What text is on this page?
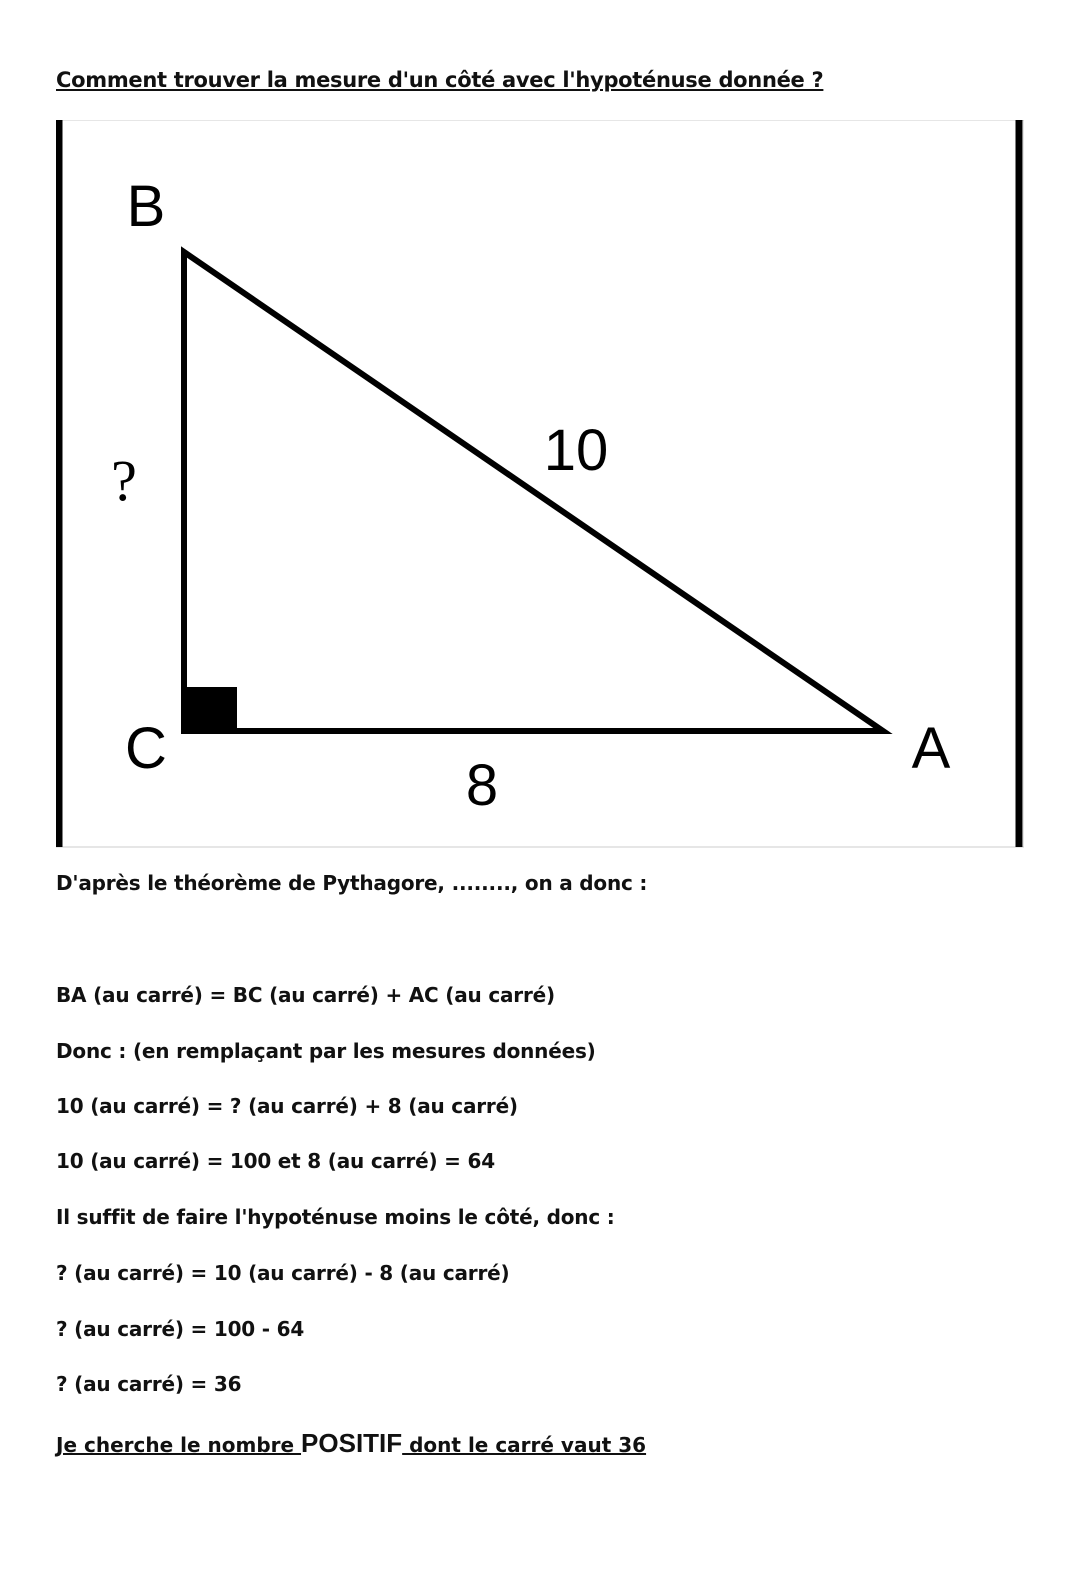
Comment trouver la mesure d'un côté avec l'hypoténuse donnée ?
B
C	A
?	10
8
D'après le théorème de Pythagore, ........, on a donc :
BA (au carré) = BC (au carré) + AC (au carré)
Donc : (en remplaçant par les mesures données)
10 (au carré) = ? (au carré) + 8 (au carré)
10 (au carré) = 100 et 8 (au carré) = 64
Il suffit de faire l'hypoténuse moins le côté, donc :
? (au carré) = 10 (au carré) - 8 (au carré)
? (au carré) = 100 - 64
? (au carré) = 36
Je cherche le nombre POSITIF dont le carré vaut 36
